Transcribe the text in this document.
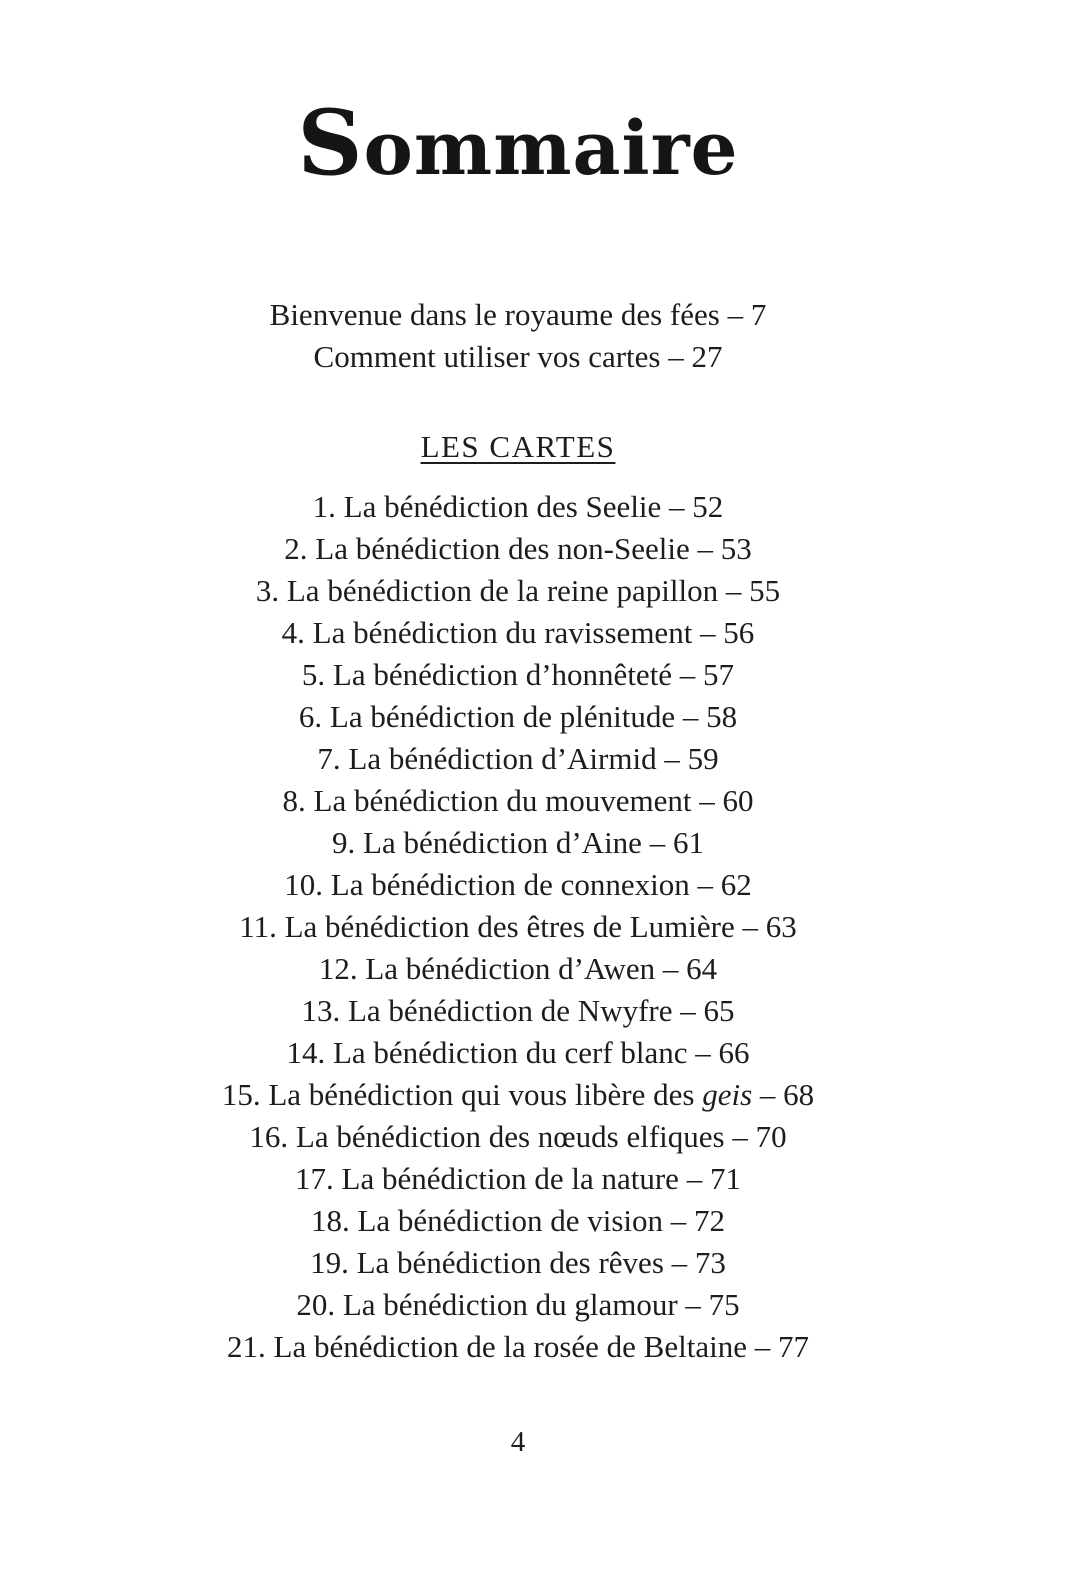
Sommaire
Bienvenue dans le royaume des fées – 7
Comment utiliser vos cartes – 27
LES CARTES
1. La bénédiction des Seelie – 52
2. La bénédiction des non-Seelie – 53
3. La bénédiction de la reine papillon – 55
4. La bénédiction du ravissement – 56
5. La bénédiction d’honnêteté – 57
6. La bénédiction de plénitude – 58
7. La bénédiction d’Airmid – 59
8. La bénédiction du mouvement – 60
9. La bénédiction d’Aine – 61
10. La bénédiction de connexion – 62
11. La bénédiction des êtres de Lumière – 63
12. La bénédiction d’Awen – 64
13. La bénédiction de Nwyfre – 65
14. La bénédiction du cerf blanc – 66
15. La bénédiction qui vous libère des geis – 68
16. La bénédiction des nœuds elfiques – 70
17. La bénédiction de la nature – 71
18. La bénédiction de vision – 72
19. La bénédiction des rêves – 73
20. La bénédiction du glamour – 75
21. La bénédiction de la rosée de Beltaine – 77
4
